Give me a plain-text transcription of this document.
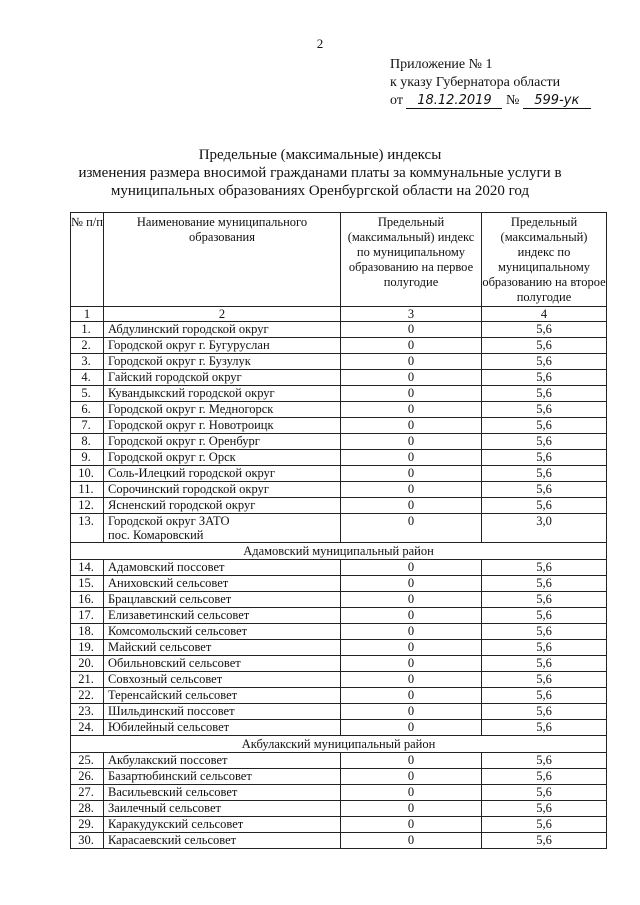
2
Приложение № 1
к указу Губернатора области
от 18.12.2019 № 599-ук
Предельные (максимальные) индексы
изменения размера вносимой гражданами платы за коммунальные услуги в
муниципальных образованиях Оренбургской области на 2020 год
№ п/п	Наименование муниципального образования	Предельный (максимальный) индекс по муниципальному образованию на первое полугодие	Предельный (максимальный) индекс по муниципальному образованию на второе полугодие
1	2	3	4
1.	Абдулинский городской округ	0	5,6
2.	Городской округ г. Бугуруслан	0	5,6
3.	Городской округ г. Бузулук	0	5,6
4.	Гайский городской округ	0	5,6
5.	Кувандыкский городской округ	0	5,6
6.	Городской округ г. Медногорск	0	5,6
7.	Городской округ г. Новотроицк	0	5,6
8.	Городской округ г. Оренбург	0	5,6
9.	Городской округ г. Орск	0	5,6
10.	Соль-Илецкий городской округ	0	5,6
11.	Сорочинский городской округ	0	5,6
12.	Ясненский городской округ	0	5,6
13.	Городской округ ЗАТО
пос. Комаровский	0	3,0
Адамовский муниципальный район			
14.	Адамовский поссовет	0	5,6
15.	Аниховский сельсовет	0	5,6
16.	Брацлавский сельсовет	0	5,6
17.	Елизаветинский сельсовет	0	5,6
18.	Комсомольский сельсовет	0	5,6
19.	Майский сельсовет	0	5,6
20.	Обильновский сельсовет	0	5,6
21.	Совхозный сельсовет	0	5,6
22.	Теренсайский сельсовет	0	5,6
23.	Шильдинский поссовет	0	5,6
24.	Юбилейный сельсовет	0	5,6
Акбулакский муниципальный район			
25.	Акбулакский поссовет	0	5,6
26.	Базартюбинский сельсовет	0	5,6
27.	Васильевский сельсовет	0	5,6
28.	Заилечный сельсовет	0	5,6
29.	Каракудукский сельсовет	0	5,6
30.	Карасаевский сельсовет	0	5,6
